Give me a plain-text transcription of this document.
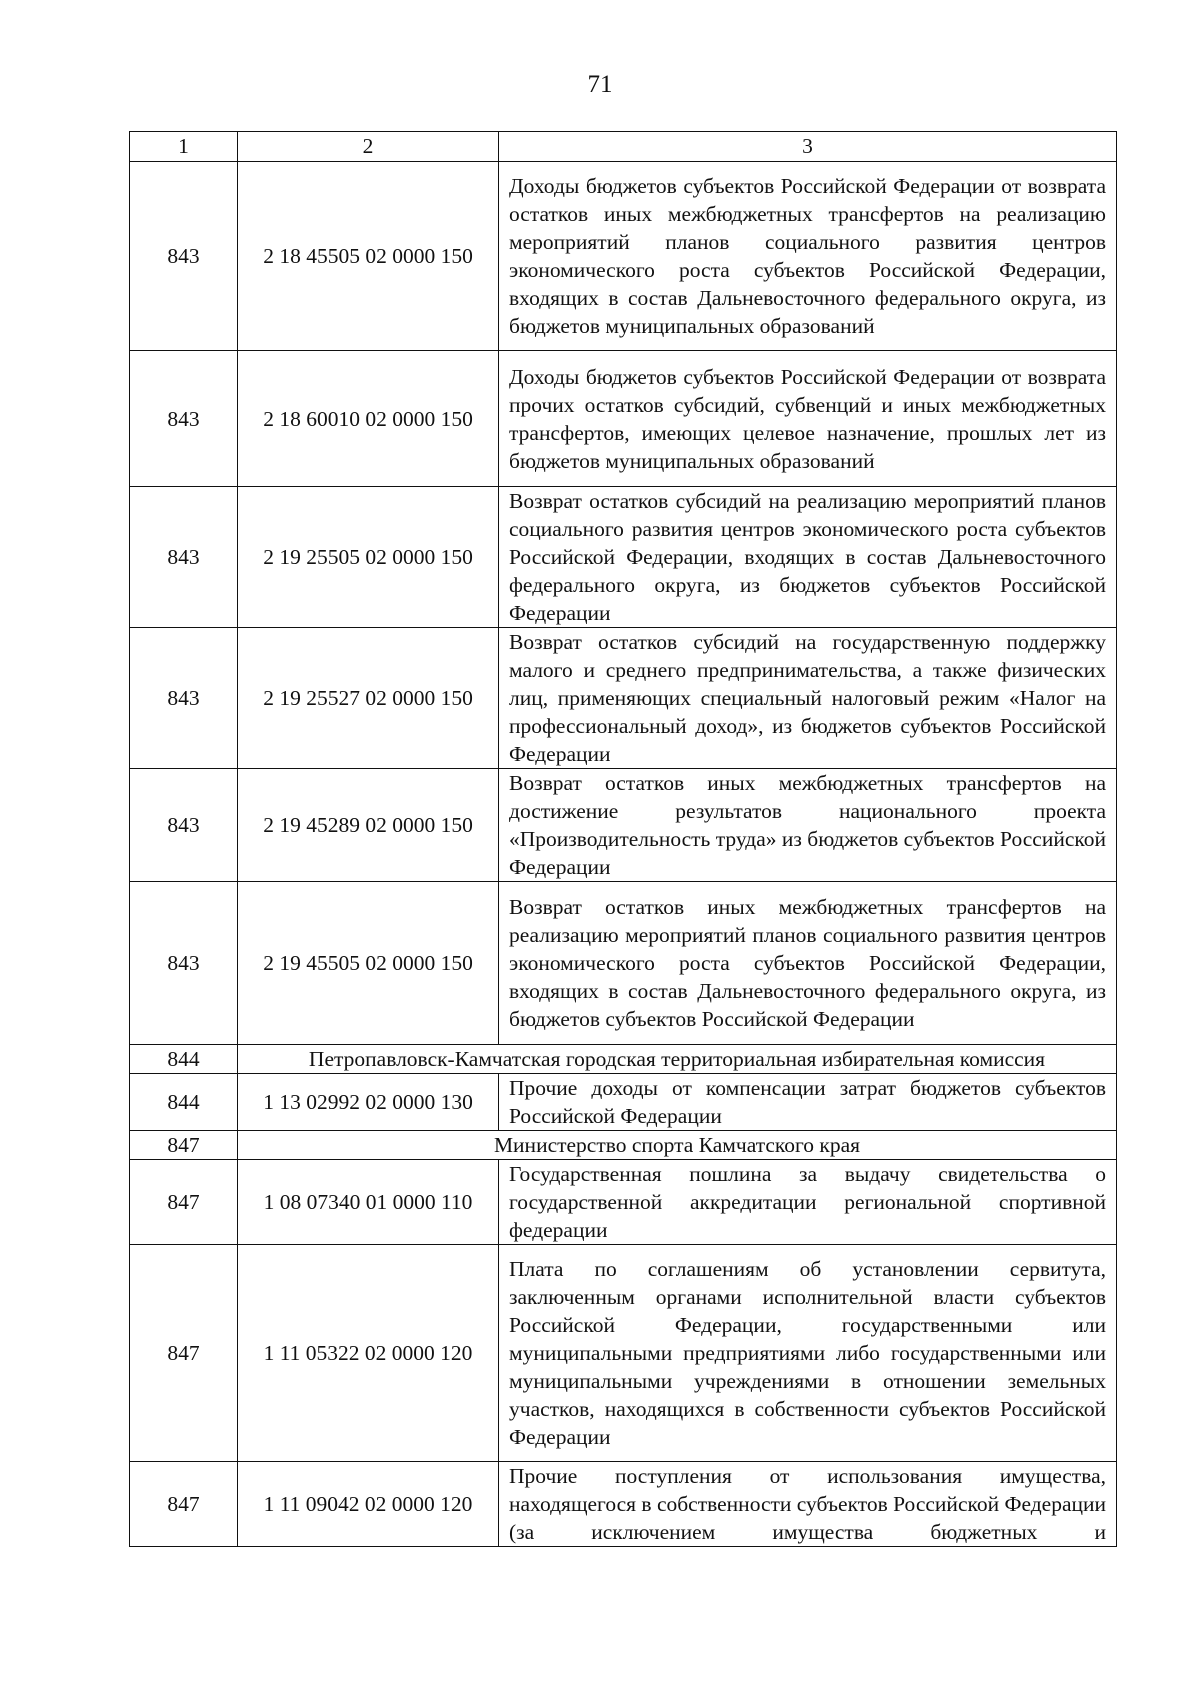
71
1	2	3
843	2 18 45505 02 0000 150	Доходы бюджетов субъектов Российской Федерации от возврата остатков иных межбюджетных трансфертов на реализацию мероприятий планов социального развития центров экономического роста субъектов Российской Федерации, входящих в состав Дальневосточного федерального округа, из бюджетов муниципальных образований
843	2 18 60010 02 0000 150	Доходы бюджетов субъектов Российской Федерации от возврата прочих остатков субсидий, субвенций и иных межбюджетных трансфертов, имеющих целевое назначение, прошлых лет из бюджетов муниципальных образований
843	2 19 25505 02 0000 150	Возврат остатков субсидий на реализацию мероприятий планов социального развития центров экономического роста субъектов Российской Федерации, входящих в состав Дальневосточного федерального округа, из бюджетов субъектов Российской Федерации
843	2 19 25527 02 0000 150	Возврат остатков субсидий на государственную поддержку малого и среднего предпринимательства, а также физических лиц, применяющих специальный налоговый режим «Налог на профессиональный доход», из бюджетов субъектов Российской Федерации
843	2 19 45289 02 0000 150	Возврат остатков иных межбюджетных трансфертов на достижение результатов национального проекта «Производительность труда» из бюджетов субъектов Российской Федерации
843	2 19 45505 02 0000 150	Возврат остатков иных межбюджетных трансфертов на реализацию мероприятий планов социального развития центров экономического роста субъектов Российской Федерации, входящих в состав Дальневосточного федерального округа, из бюджетов субъектов Российской Федерации
844	Петропавловск-Камчатская городская территориальная избирательная комиссия	
844	1 13 02992 02 0000 130	Прочие доходы от компенсации затрат бюджетов субъектов Российской Федерации
847	Министерство спорта Камчатского края	
847	1 08 07340 01 0000 110	Государственная пошлина за выдачу свидетельства о государственной аккредитации региональной спортивной федерации
847	1 11 05322 02 0000 120	Плата по соглашениям об установлении сервитута, заключенным органами исполнительной власти субъектов Российской Федерации, государственными или муниципальными предприятиями либо государственными или муниципальными учреждениями в отношении земельных участков, находящихся в собственности субъектов Российской Федерации
847	1 11 09042 02 0000 120	Прочие поступления от использования имущества, находящегося в собственности субъектов Российской Федерации (за исключением имущества бюджетных и
